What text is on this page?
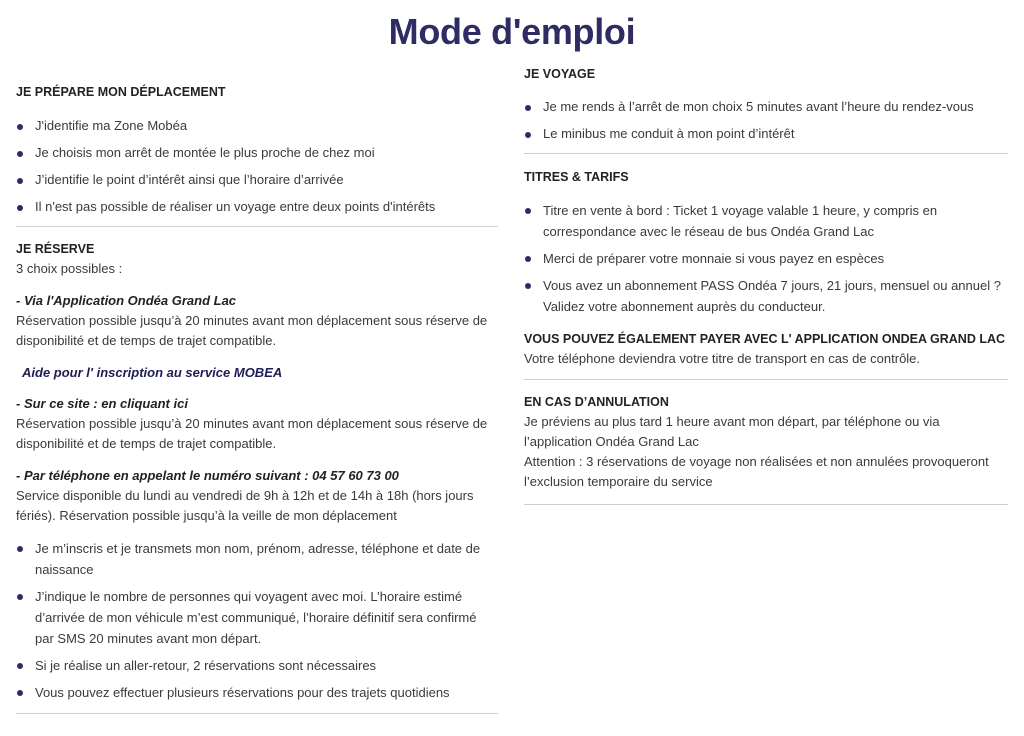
Mode d'emploi
JE PRÉPARE MON DÉPLACEMENT
J'identifie ma Zone Mobéa
Je choisis mon arrêt de montée le plus proche de chez moi
J’identifie le point d’intérêt ainsi que l’horaire d’arrivée
Il n'est pas possible de réaliser un voyage entre deux points d'intérêts
JE RÉSERVE

3 choix possibles :

- Via l'Application Ondéa Grand Lac

Réservation possible jusqu’à 20 minutes avant mon déplacement sous réserve de disponibilité et de temps de trajet compatible.

Aide pour l' inscription au service MOBEA

- Sur ce site : en cliquant ici

Réservation possible jusqu’à 20 minutes avant mon déplacement sous réserve de disponibilité et de temps de trajet compatible.

- Par téléphone en appelant le numéro suivant : 04 57 60 73 00

Service disponible du lundi au vendredi de 9h à 12h et de 14h à 18h (hors jours fériés). Réservation possible jusqu’à la veille de mon déplacement

Je m’inscris et je transmets mon nom, prénom, adresse, téléphone et date de naissance
J’indique le nombre de personnes qui voyagent avec moi. L’horaire estimé d’arrivée de mon véhicule m’est communiqué, l’horaire définitif sera confirmé par SMS 20 minutes avant mon départ.
Si je réalise un aller-retour, 2 réservations sont nécessaires
Vous pouvez effectuer plusieurs réservations pour des trajets quotidiens
JE VOYAGE
Je me rends à l’arrêt de mon choix 5 minutes avant l’heure du rendez-vous
Le minibus me conduit à mon point d’intérêt
TITRES & TARIFS
Titre en vente à bord : Ticket 1 voyage valable 1 heure, y compris en correspondance avec le réseau de bus Ondéa Grand Lac
Merci de préparer votre monnaie si vous payez en espèces
Vous avez un abonnement PASS Ondéa 7 jours, 21 jours, mensuel ou annuel ? Validez votre abonnement auprès du conducteur.
VOUS POUVEZ ÉGALEMENT PAYER AVEC L' APPLICATION ONDEA GRAND LAC

Votre téléphone deviendra votre titre de transport en cas de contrôle.

EN CAS D’ANNULATION

Je préviens au plus tard 1 heure avant mon départ, par téléphone ou via l’application Ondéa Grand Lac

Attention : 3 réservations de voyage non réalisées et non annulées provoqueront l’exclusion temporaire du service
